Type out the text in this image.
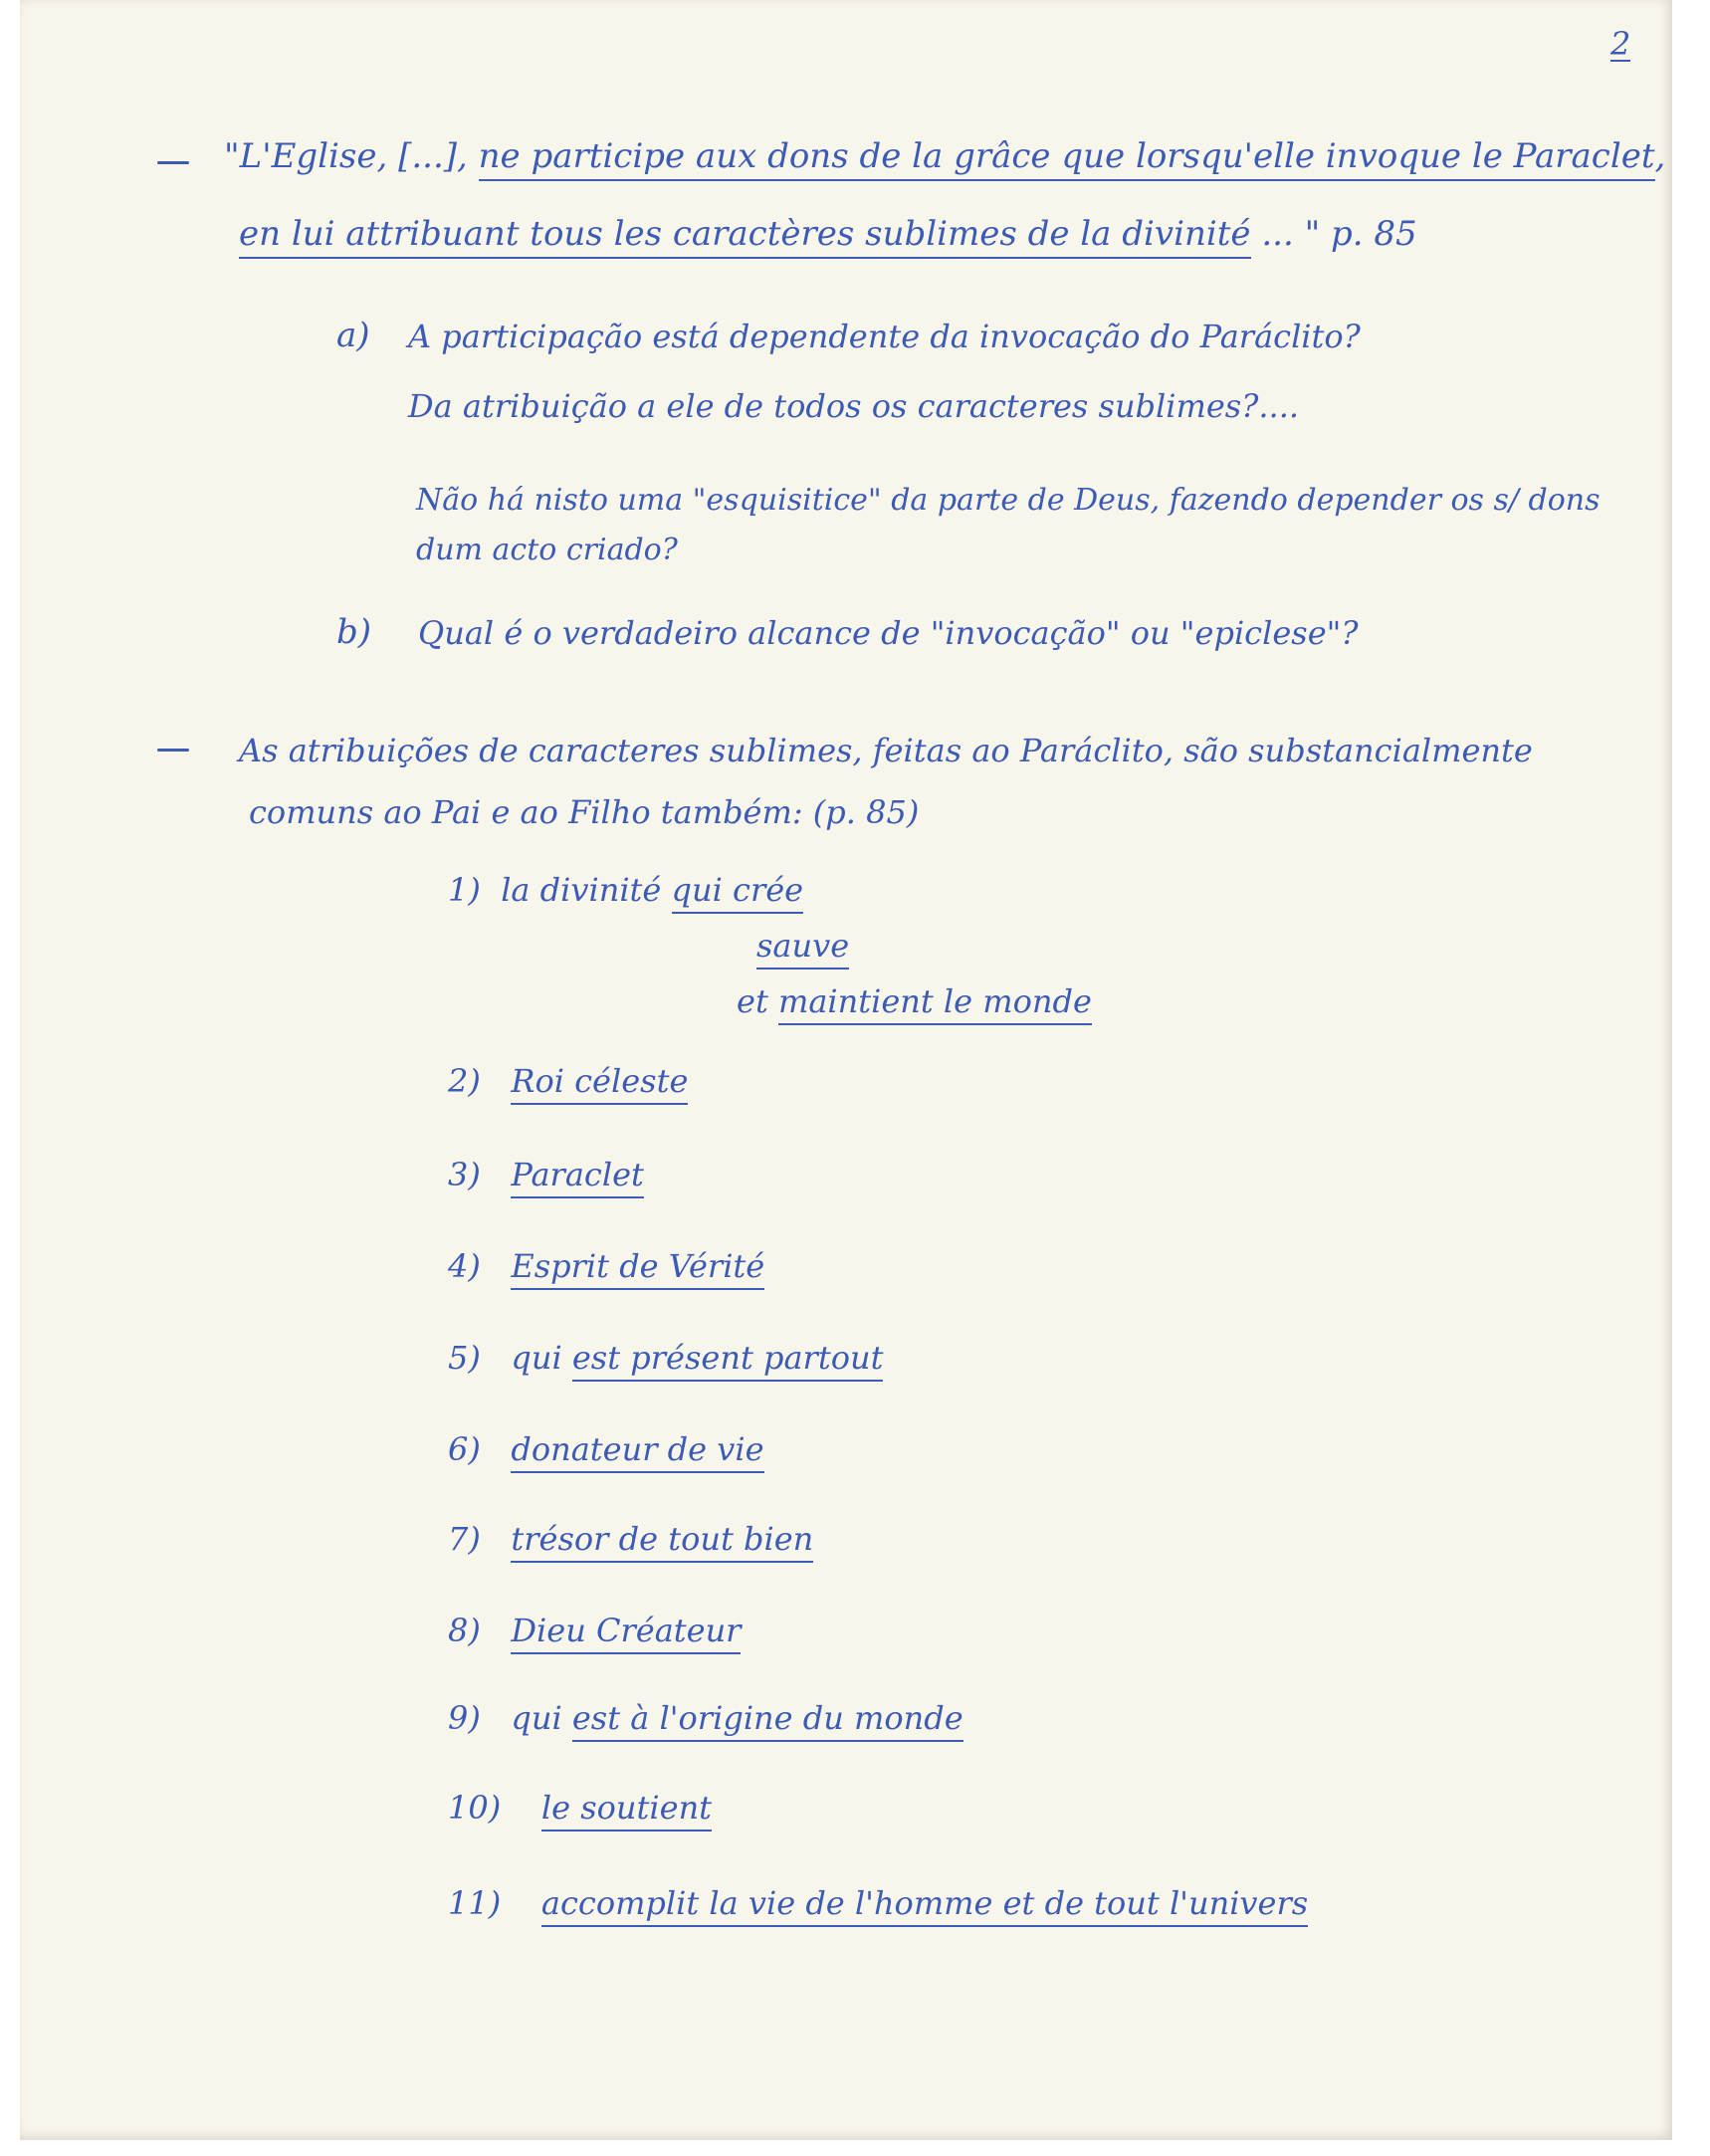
2
"L'Eglise, [...], ne participe aux dons de la grâce que lorsqu'elle invoque le Paraclet,
en lui attribuant tous les caractères sublimes de la divinité ... " p. 85
a) A participação está dependente da invocação do Paráclito?
Da atribuição a ele de todos os caracteres sublimes?....
Não há nisto uma "esquisitice" da parte de Deus, fazendo depender os s/ dons
dum acto criado?
b) Qual é o verdadeiro alcance de "invocação" ou "epiclese"?
As atribuições de caracteres sublimes, feitas ao Paráclito, são substancialmente
comuns ao Pai e ao Filho também: (p. 85)
1) la divinité qui crée
sauve
et maintient le monde
2) Roi céleste
3) Paraclet
4) Esprit de Vérité
5) qui est présent partout
6) donateur de vie
7) trésor de tout bien
8) Dieu Créateur
9) qui est à l'origine du monde
10) le soutient
11) accomplit la vie de l'homme et de tout l'univers
